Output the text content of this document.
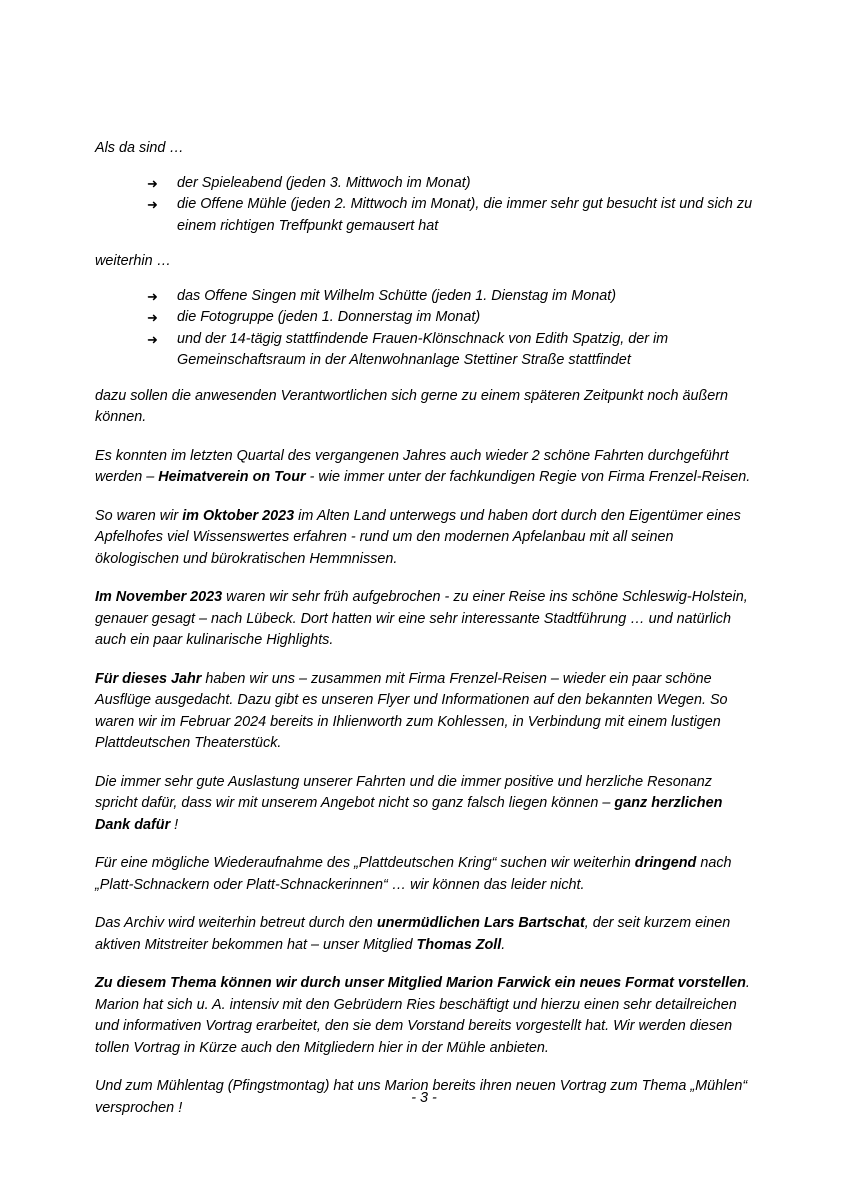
Als da sind …

➜	der Spieleabend (jeden 3. Mittwoch im Monat)
➜	die Offene Mühle (jeden 2. Mittwoch im Monat), die immer sehr gut besucht ist und sich zu einem richtigen Treffpunkt gemausert hat

weiterhin …

➜	das Offene Singen mit Wilhelm Schütte (jeden 1. Dienstag im Monat)
➜	die Fotogruppe (jeden 1. Donnerstag im Monat)
➜	und der 14-tägig stattfindende Frauen-Klönschnack von Edith Spatzig, der im Gemeinschaftsraum in der Altenwohnanlage Stettiner Straße stattfindet

dazu sollen die anwesenden Verantwortlichen sich gerne zu einem späteren Zeitpunkt noch äußern können.

Es konnten im letzten Quartal des vergangenen Jahres auch wieder 2 schöne Fahrten durchgeführt werden – Heimatverein on Tour - wie immer unter der fachkundigen Regie von Firma Frenzel-Reisen.

So waren wir im Oktober 2023 im Alten Land unterwegs und haben dort durch den Eigentümer eines Apfelhofes viel Wissenswertes erfahren - rund um den modernen Apfelanbau mit all seinen ökologischen und bürokratischen Hemmnissen.

Im November 2023 waren wir sehr früh aufgebrochen - zu einer Reise ins schöne Schleswig-Holstein, genauer gesagt – nach Lübeck. Dort hatten wir eine sehr interessante Stadtführung … und natürlich auch ein paar kulinarische Highlights.

Für dieses Jahr haben wir uns – zusammen mit Firma Frenzel-Reisen – wieder ein paar schöne Ausflüge ausgedacht. Dazu gibt es unseren Flyer und Informationen auf den bekannten Wegen. So waren wir im Februar 2024 bereits in Ihlienworth zum Kohlessen, in Verbindung mit einem lustigen Plattdeutschen Theaterstück.

Die immer sehr gute Auslastung unserer Fahrten und die immer positive und herzliche Resonanz spricht dafür, dass wir mit unserem Angebot nicht so ganz falsch liegen können – ganz herzlichen Dank dafür !

Für eine mögliche Wiederaufnahme des „Plattdeutschen Kring“ suchen wir weiterhin dringend nach „Platt-Schnackern oder Platt-Schnackerinnen“ … wir können das leider nicht.

Das Archiv wird weiterhin betreut durch den unermüdlichen Lars Bartschat, der seit kurzem einen aktiven Mitstreiter bekommen hat – unser Mitglied Thomas Zoll.

Zu diesem Thema können wir durch unser Mitglied Marion Farwick ein neues Format vorstellen. Marion hat sich u. A. intensiv mit den Gebrüdern Ries beschäftigt und hierzu einen sehr detailreichen und informativen Vortrag erarbeitet, den sie dem Vorstand bereits vorgestellt hat. Wir werden diesen tollen Vortrag in Kürze auch den Mitgliedern hier in der Mühle anbieten.

Und zum Mühlentag (Pfingstmontag) hat uns Marion bereits ihren neuen Vortrag zum Thema „Mühlen“ versprochen !

- 3 -
